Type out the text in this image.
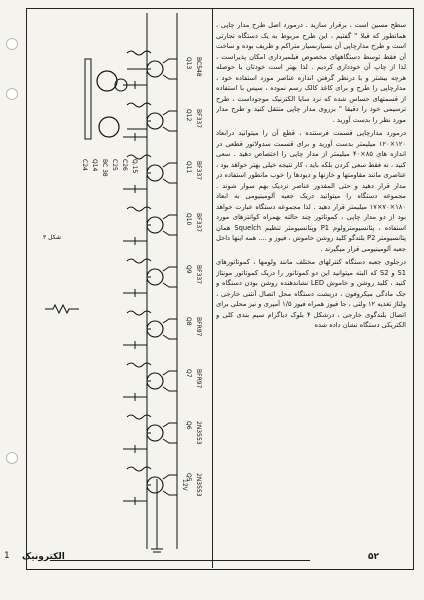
Q13 BC548
Q12 BF337
Q11 BF337
Q10 BF337
Q9 BF337
Q8 BFR97
Q7 BFR97
Q6 2N3553
Q5 2N3553
C24 Q14 BC 38 C25 C26 Q.15
شکل ۳
12V

سطح مسین است ، برقرار سازید . درمورد اصل طرح مدار چاپی ، همانطور که قبلا " گفتیم ، این طرح مربوط به یک دستگاه تجارتی است و طرح مدارچاپی آن بسیاربسیار متراکم و ظریف بوده و ساخت آن فقط توسط دستگاههای مخصوص فیلمبرداری امکان پذیراست ، لذا از چاپ آن خودداری کردیم . لذا بهتر است خودتان با حوصله هرچه بیشتر و با درنظر گرفتن اندازه عناصر مورد استفاده خود ، مدارچاپی را طرح و برای کاغذ کالک رسم نموده ، سپس با استفاده از قسمتهای حساس شده که نزد سایا الکترنیک موجوداست ، طرح ترسیمی خود را دقیقا " برروی مدار چاپی منتقل کنید و طرح مدار مورد نظر را بدست آورید .

درمورد مدارچاپی قسمت فرستنده ، قطع آن را میتوانید درابعاد ۱۲۰×۱۲۰ میلیمتر بدست آورید و برای قسمت سدولاتور قطعی در اندازه های ۸۵×۴۰ میلیمتر از مدار چاپی را اختصاص دهید . سعی کنید ، نه فقط سعی کردن بلکه باید ، کار نتیجه خیلی بهتر خواهد بود ، عناصری مانند مقاومتها و خازنها و دیودها را خوب مانطور استفاده در مدار قرار دهید و حتی المقدور عناصر نزدیک بهم سوار شوند . مجموعه دستگاه را میتوانید دریک جعبه آلومینیومی به ابعاد ۱۸۰×۷۰×۱۷ میلیمتر قرار دهید . لذا مجموعه دستگاه عبارت خواهد بود از دو مدار چاپی ، کموتاتور چند حالته بهمراه کوانتزهای مورد استفاده ، پتانسیومترولوم P1 وپتانسیومتر تنظیم Squelch همان پتانسیومتر P2 بلندگو کلید روشن خاموش ، فیوز و .... همه اینها داخل جعبه آلومینیومی قرار میگیرند .

درجلوی جعبه دستگاه کنترلهای مختلف مانند ولومها ، کموتاتورهای S1 و S2 که البته میتوانید این دو کموتاتور را دریک کموتاتور مونتاژ کنید ، کلید روشن و خاموش LED نشاندهنده روشن بودن دستگاه و جک مادگی میکروفون ، دریشت دستگاه محل اتصال آنتنی خارجی ، ولتاژ تغذیه ۱۲ ولتی ، جا فیوز همراه فیوز ۱/۵ آمپری و نیز محلی برای اتصال بلندگوی خارجی ، درشکل ۴ بلوک دیاگرام سیم بندی کلی و الکتریکی دستگاه نشان داده شده

الکترونیک	۵۲
1
